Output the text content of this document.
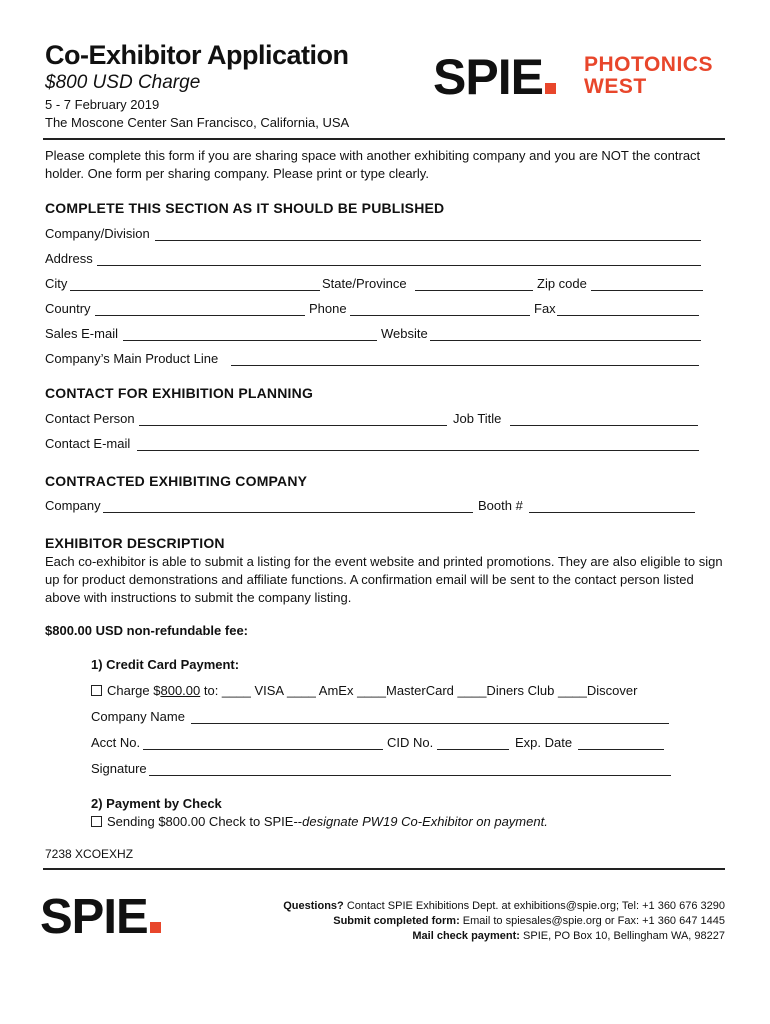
Co-Exhibitor Application
$800 USD Charge
5 - 7 February 2019
The Moscone Center San Francisco, California, USA
SPIE	PHOTONICS
WEST
Please complete this form if you are sharing space with another exhibiting company and you are NOT the contract holder. One form per sharing company. Please print or type clearly.
COMPLETE THIS SECTION AS IT SHOULD BE PUBLISHED
Company/Division
Address
City	State/Province	Zip code
Country	Phone	Fax
Sales E-mail	Website
Company’s Main Product Line
CONTACT FOR EXHIBITION PLANNING
Contact Person	Job Title
Contact E-mail
CONTRACTED EXHIBITING COMPANY
Company	Booth #
EXHIBITOR DESCRIPTION
Each co-exhibitor is able to submit a listing for the event website and printed promotions. They are also eligible to sign up for product demonstrations and affiliate functions. A confirmation email will be sent to the contact person listed above with instructions to submit the company listing.
$800.00 USD non-refundable fee:
1) Credit Card Payment:
Charge $800.00 to: ____ VISA ____ AmEx ____MasterCard ____Diners Club ____Discover
Company Name
Acct No.	CID No.	Exp. Date
Signature
2) Payment by Check
Sending $800.00 Check to SPIE--designate PW19 Co-Exhibitor on payment.
7238 XCOEXHZ
SPIE	Questions? Contact SPIE Exhibitions Dept. at exhibitions@spie.org; Tel: +1 360 676 3290
Submit completed form: Email to spiesales@spie.org or Fax: +1 360 647 1445
Mail check payment: SPIE, PO Box 10, Bellingham WA, 98227
